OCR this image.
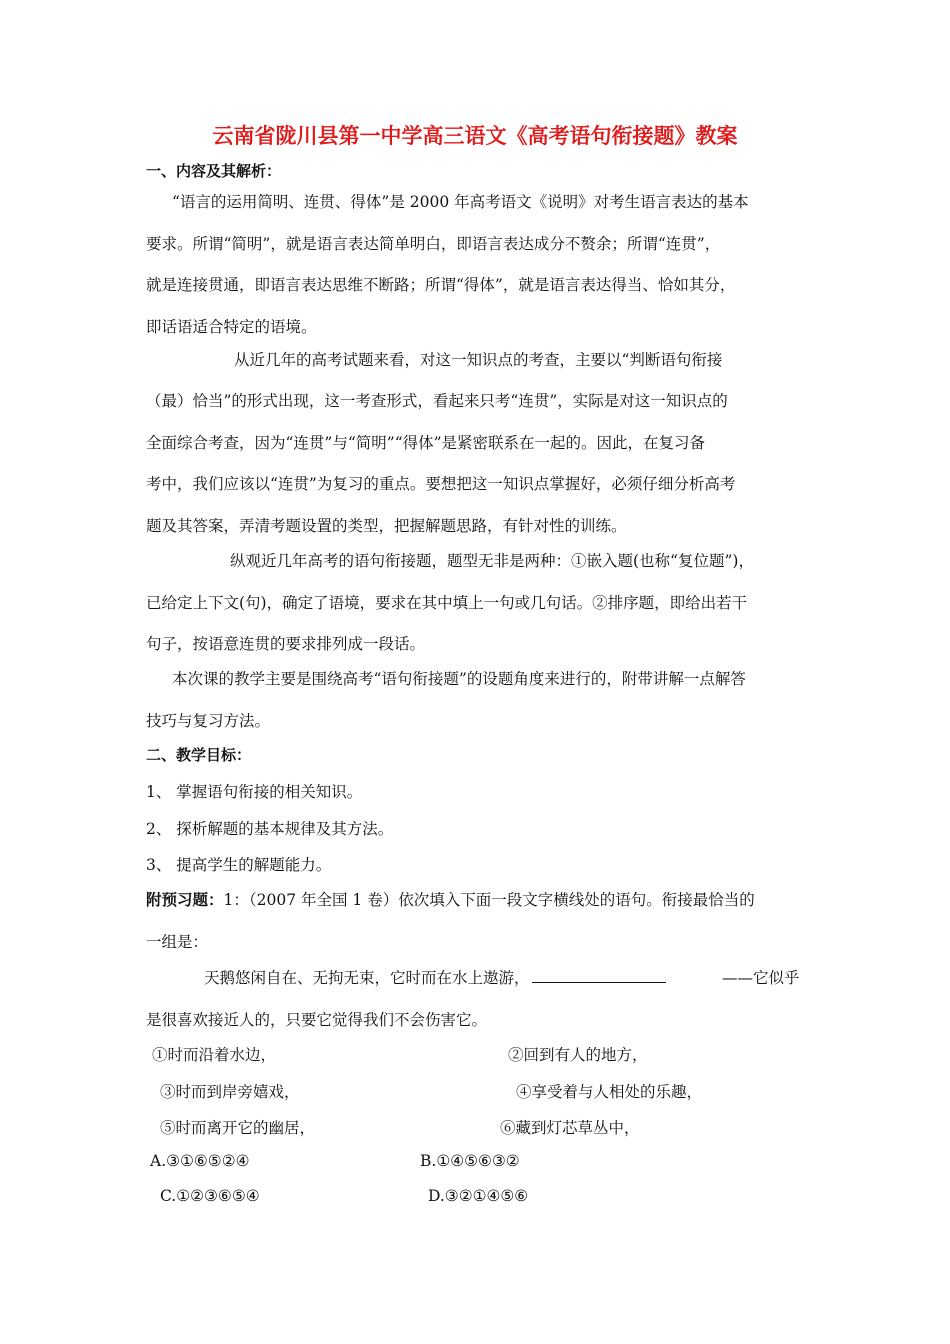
云南省陇川县第一中学高三语文《高考语句衔接题》教案
一、内容及其解析：
“语言的运用简明、连贯、得体”是 2000 年高考语文《说明》对考生语言表达的基本
要求。所谓“简明”，就是语言表达简单明白，即语言表达成分不赘余；所谓“连贯”，
就是连接贯通，即语言表达思维不断路；所谓“得体”，就是语言表达得当、恰如其分，
即话语适合特定的语境。
从近几年的高考试题来看，对这一知识点的考查，主要以“判断语句衔接
（最）恰当”的形式出现，这一考查形式，看起来只考“连贯”，实际是对这一知识点的
全面综合考查，因为“连贯”与“简明”“得体”是紧密联系在一起的。因此，在复习备
考中，我们应该以“连贯”为复习的重点。要想把这一知识点掌握好，必须仔细分析高考
题及其答案，弄清考题设置的类型，把握解题思路，有针对性的训练。
纵观近几年高考的语句衔接题，题型无非是两种：①嵌入题(也称“复位题”)，
已给定上下文(句)，确定了语境，要求在其中填上一句或几句话。②排序题，即给出若干
句子，按语意连贯的要求排列成一段话。
本次课的教学主要是围绕高考“语句衔接题”的设题角度来进行的，附带讲解一点解答
技巧与复习方法。
二、教学目标：
1、 掌握语句衔接的相关知识。
2、 探析解题的基本规律及其方法。
3、 提高学生的解题能力。
附预习题：1：（2007 年全国 1 卷）依次填入下面一段文字横线处的语句。衔接最恰当的
一组是：
天鹅悠闲自在、无拘无束，它时而在水上遨游，	——它似乎
是很喜欢接近人的，只要它觉得我们不会伤害它。
①时而沿着水边，	②回到有人的地方，
③时而到岸旁嬉戏，	④享受着与人相处的乐趣，
⑤时而离开它的幽居，	⑥藏到灯芯草丛中，
A.③①⑥⑤②④	B.①④⑤⑥③②
C.①②③⑥⑤④	D.③②①④⑤⑥
